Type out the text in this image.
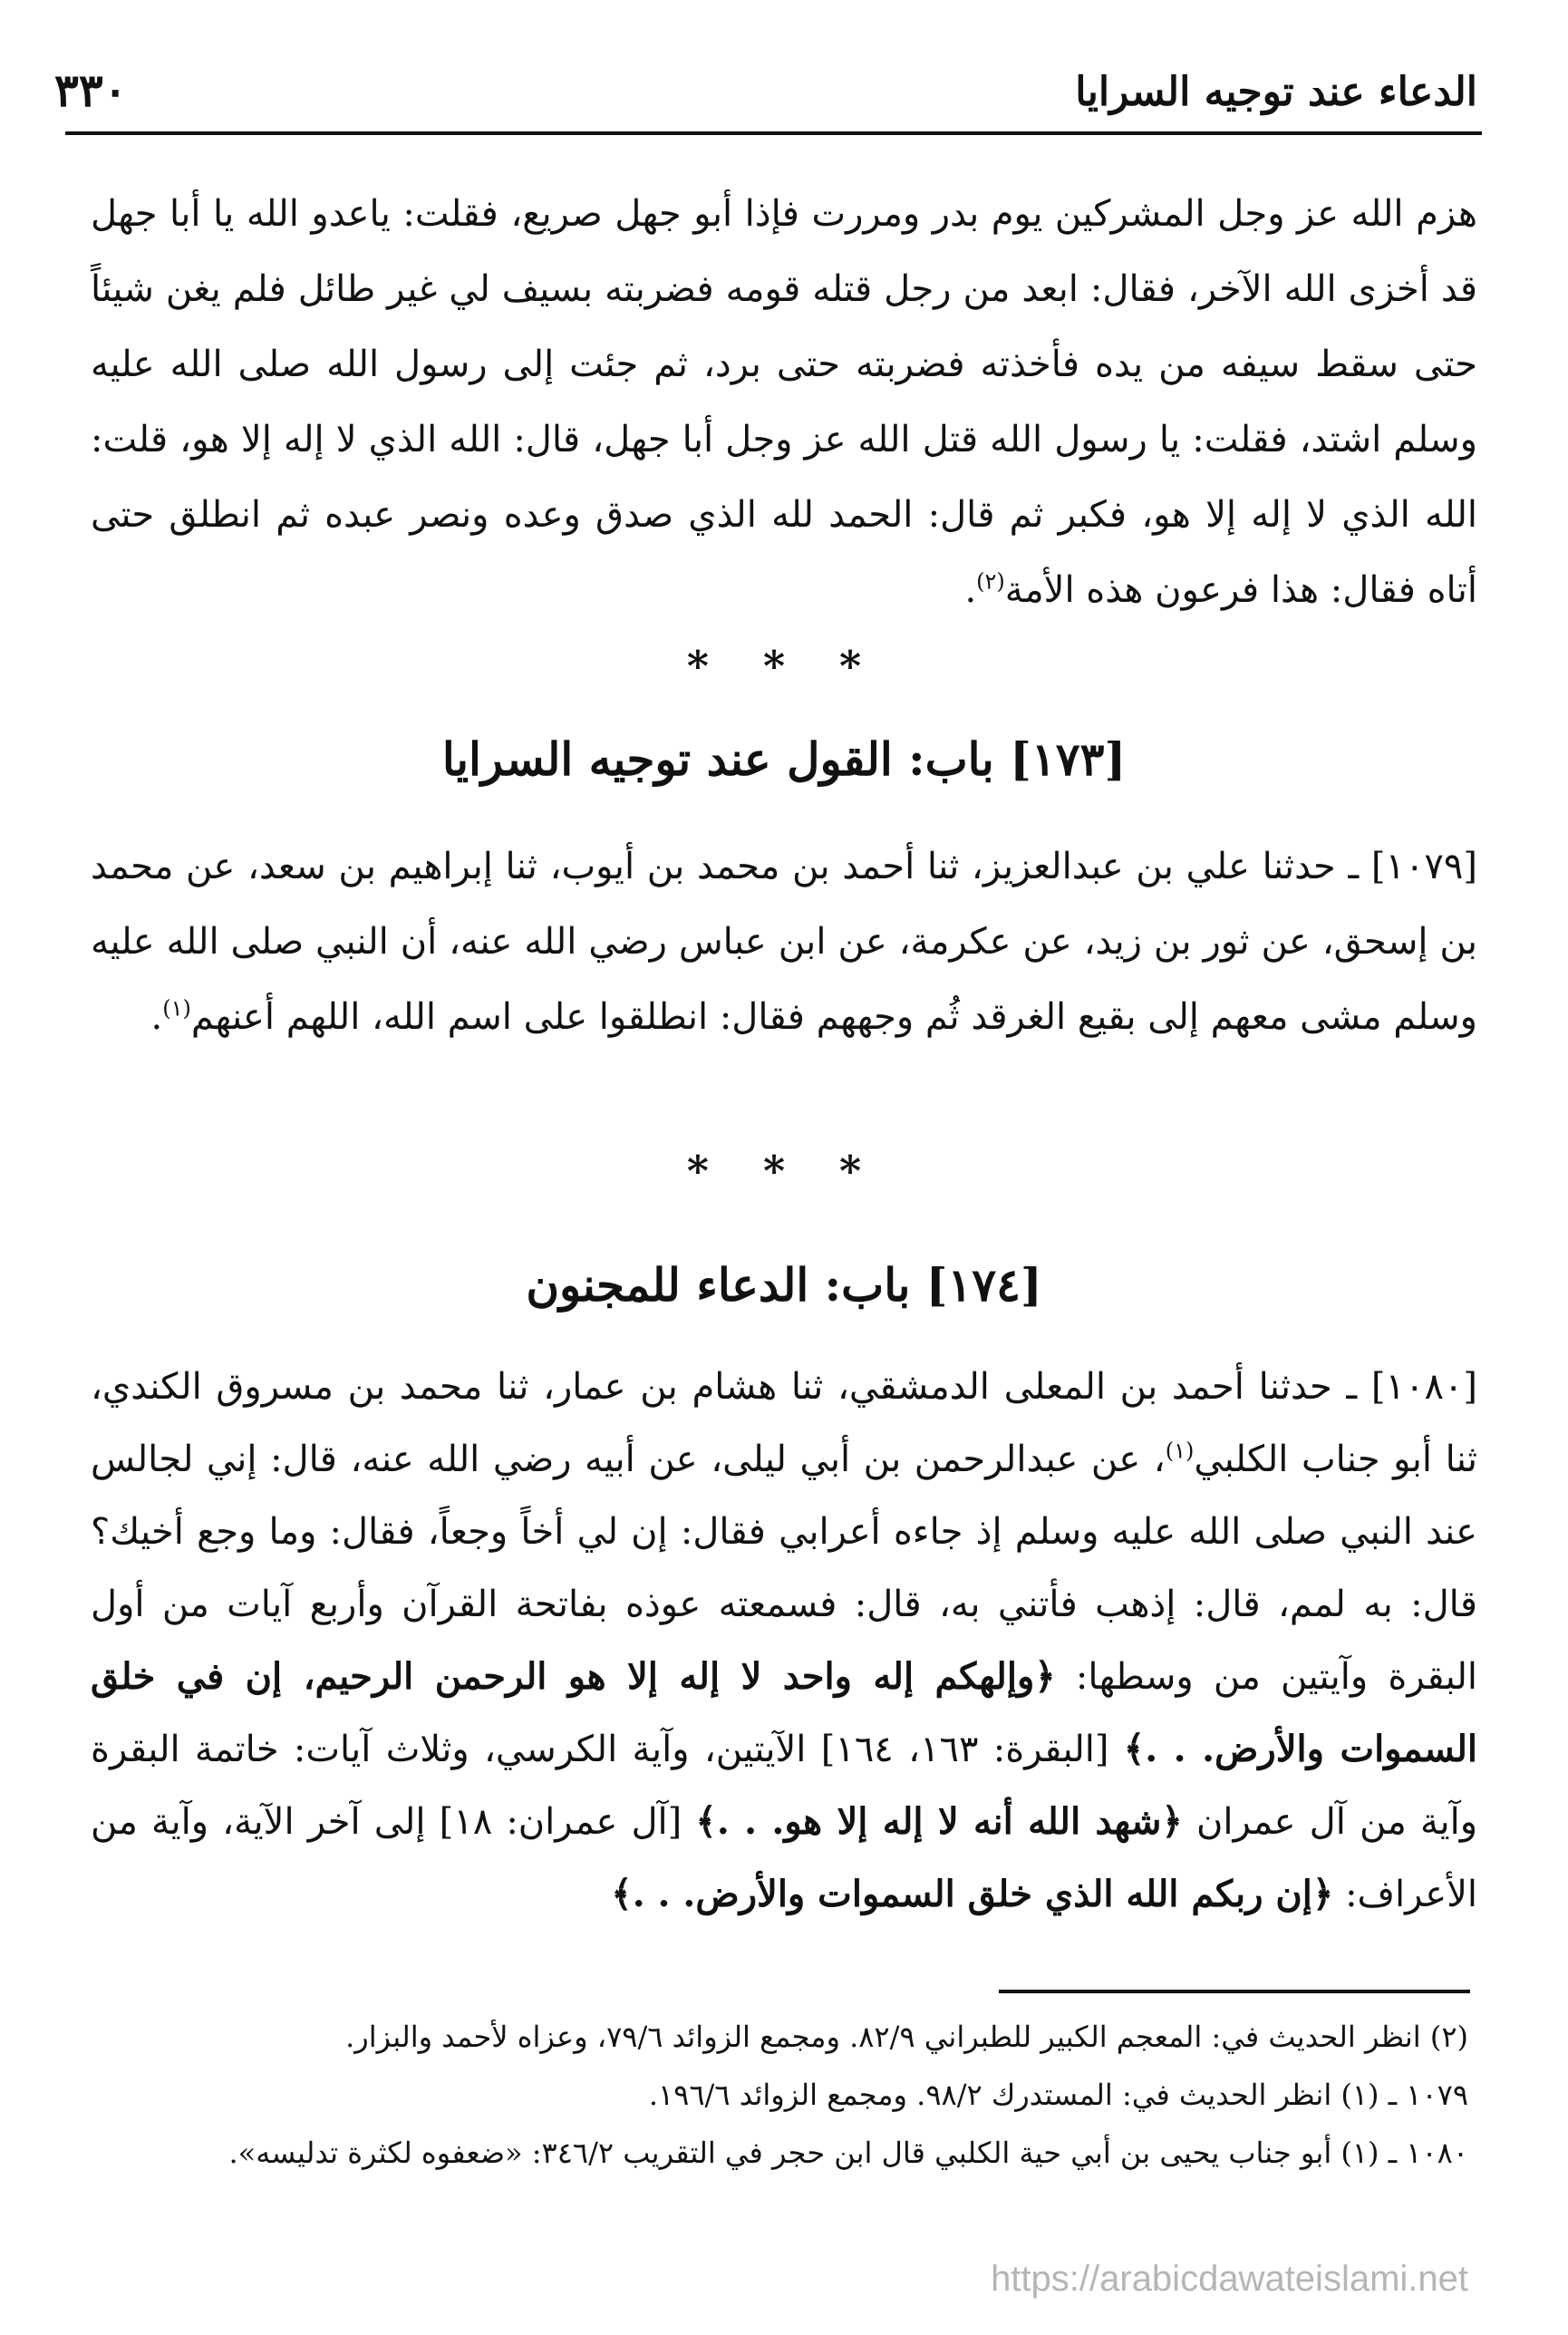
الدعاء عند توجيه السرايا
٣٣٠
هزم الله عز وجل المشركين يوم بدر ومررت فإذا أبو جهل صريع، فقلت: ياعدو الله يا أبا جهل قد أخزى الله الآخر، فقال: ابعد من رجل قتله قومه فضربته بسيف لي غير طائل فلم يغن شيئاً حتى سقط سيفه من يده فأخذته فضربته حتى برد، ثم جئت إلى رسول الله صلى الله عليه وسلم اشتد، فقلت: يا رسول الله قتل الله عز وجل أبا جهل، قال: الله الذي لا إله إلا هو، قلت: الله الذي لا إله إلا هو، فكبر ثم قال: الحمد لله الذي صدق وعده ونصر عبده ثم انطلق حتى أتاه فقال: هذا فرعون هذه الأمة$^{(٢)}$.
* * *
[١٧٣] باب: القول عند توجيه السرايا
[١٠٧٩] ـ حدثنا علي بن عبدالعزيز، ثنا أحمد بن محمد بن أيوب، ثنا إبراهيم بن سعد، عن محمد بن إسحق، عن ثور بن زيد، عن عكرمة، عن ابن عباس رضي الله عنه، أن النبي صلى الله عليه وسلم مشى معهم إلى بقيع الغرقد ثُم وجههم فقال: انطلقوا على اسم الله، اللهم أعنهم$^{(١)}$.
* * *
[١٧٤] باب: الدعاء للمجنون
[١٠٨٠] ـ حدثنا أحمد بن المعلى الدمشقي، ثنا هشام بن عمار، ثنا محمد بن مسروق الكندي، ثنا أبو جناب الكلبي$^{(١)}$، عن عبدالرحمن بن أبي ليلى، عن أبيه رضي الله عنه، قال: إني لجالس عند النبي صلى الله عليه وسلم إذ جاءه أعرابي فقال: إن لي أخاً وجعاً، فقال: وما وجع أخيك؟ قال: به لمم، قال: إذهب فأتني به، قال: فسمعته عوذه بفاتحة القرآن وأربع آيات من أول البقرة وآيتين من وسطها: ﴿وإلهكم إله واحد لا إله إلا هو الرحمن الرحيم، إن في خلق السموات والأرض. . .﴾ [البقرة: ١٦٣، ١٦٤] الآيتين، وآية الكرسي، وثلاث آيات: خاتمة البقرة وآية من آل عمران ﴿شهد الله أنه لا إله إلا هو. . .﴾ [آل عمران: ١٨] إلى آخر الآية، وآية من الأعراف: ﴿إن ربكم الله الذي خلق السموات والأرض. . .﴾
(٢) انظر الحديث في: المعجم الكبير للطبراني ٨٢/٩. ومجمع الزوائد ٧٩/٦، وعزاه لأحمد والبزار.
١٠٧٩ ـ (١) انظر الحديث في: المستدرك ٩٨/٢. ومجمع الزوائد ١٩٦/٦.
١٠٨٠ ـ (١) أبو جناب يحيى بن أبي حية الكلبي قال ابن حجر في التقريب ٣٤٦/٢: «ضعفوه لكثرة تدليسه».
https://arabicdawateislami.net
